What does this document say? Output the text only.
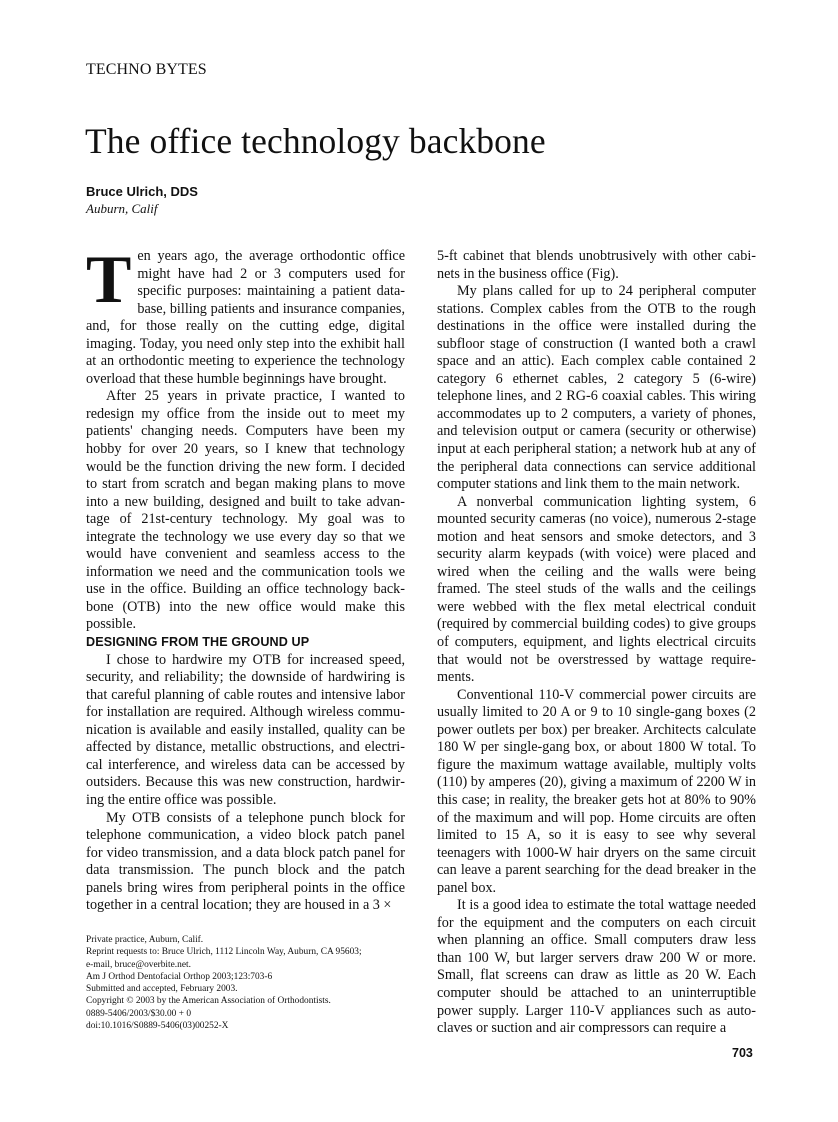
TECHNO BYTES
The office technology backbone
Bruce Ulrich, DDS
Auburn, Calif

Ten years ago, the average orthodontic office might have had 2 or 3 computers used for specific purposes: maintaining a patient database, billing patients and insurance companies, and, for those really on the cutting edge, digital imaging. Today, you need only step into the exhibit hall at an orthodontic meeting to experience the technology overload that these humble beginnings have brought.

After 25 years in private practice, I wanted to redesign my office from the inside out to meet my patients' changing needs. Computers have been my hobby for over 20 years, so I knew that technology would be the function driving the new form. I decided to start from scratch and began making plans to move into a new building, designed and built to take advantage of 21st-century technology. My goal was to integrate the technology we use every day so that we would have convenient and seamless access to the information we need and the communication tools we use in the office. Building an office technology backbone (OTB) into the new office would make this possible.

DESIGNING FROM THE GROUND UP

I chose to hardwire my OTB for increased speed, security, and reliability; the downside of hardwiring is that careful planning of cable routes and intensive labor for installation are required. Although wireless communication is available and easily installed, quality can be affected by distance, metallic obstructions, and electrical interference, and wireless data can be accessed by outsiders. Because this was new construction, hardwiring the entire office was possible.

My OTB consists of a telephone punch block for telephone communication, a video block patch panel for video transmission, and a data block patch panel for data transmission. The punch block and the patch panels bring wires from peripheral points in the office together in a central location; they are housed in a 3 ×

5-ft cabinet that blends unobtrusively with other cabinets in the business office (Fig).

My plans called for up to 24 peripheral computer stations. Complex cables from the OTB to the rough destinations in the office were installed during the subfloor stage of construction (I wanted both a crawl space and an attic). Each complex cable contained 2 category 6 ethernet cables, 2 category 5 (6-wire) telephone lines, and 2 RG-6 coaxial cables. This wiring accommodates up to 2 computers, a variety of phones, and television output or camera (security or otherwise) input at each peripheral station; a network hub at any of the peripheral data connections can service additional computer stations and link them to the main network.

A nonverbal communication lighting system, 6 mounted security cameras (no voice), numerous 2-stage motion and heat sensors and smoke detectors, and 3 security alarm keypads (with voice) were placed and wired when the ceiling and the walls were being framed. The steel studs of the walls and the ceilings were webbed with the flex metal electrical conduit (required by commercial building codes) to give groups of computers, equipment, and lights electrical circuits that would not be overstressed by wattage requirements.

Conventional 110-V commercial power circuits are usually limited to 20 A or 9 to 10 single-gang boxes (2 power outlets per box) per breaker. Architects calculate 180 W per single-gang box, or about 1800 W total. To figure the maximum wattage available, multiply volts (110) by amperes (20), giving a maximum of 2200 W in this case; in reality, the breaker gets hot at 80% to 90% of the maximum and will pop. Home circuits are often limited to 15 A, so it is easy to see why several teenagers with 1000-W hair dryers on the same circuit can leave a parent searching for the dead breaker in the panel box.

It is a good idea to estimate the total wattage needed for the equipment and the computers on each circuit when planning an office. Small computers draw less than 100 W, but larger servers draw 200 W or more. Small, flat screens can draw as little as 20 W. Each computer should be attached to an uninterruptible power supply. Larger 110-V appliances such as autoclaves or suction and air compressors can require a

Private practice, Auburn, Calif.
Reprint requests to: Bruce Ulrich, 1112 Lincoln Way, Auburn, CA 95603;
e-mail, bruce@overbite.net.
Am J Orthod Dentofacial Orthop 2003;123:703-6
Submitted and accepted, February 2003.
Copyright © 2003 by the American Association of Orthodontists.
0889-5406/2003/$30.00 + 0
doi:10.1016/S0889-5406(03)00252-X
703
